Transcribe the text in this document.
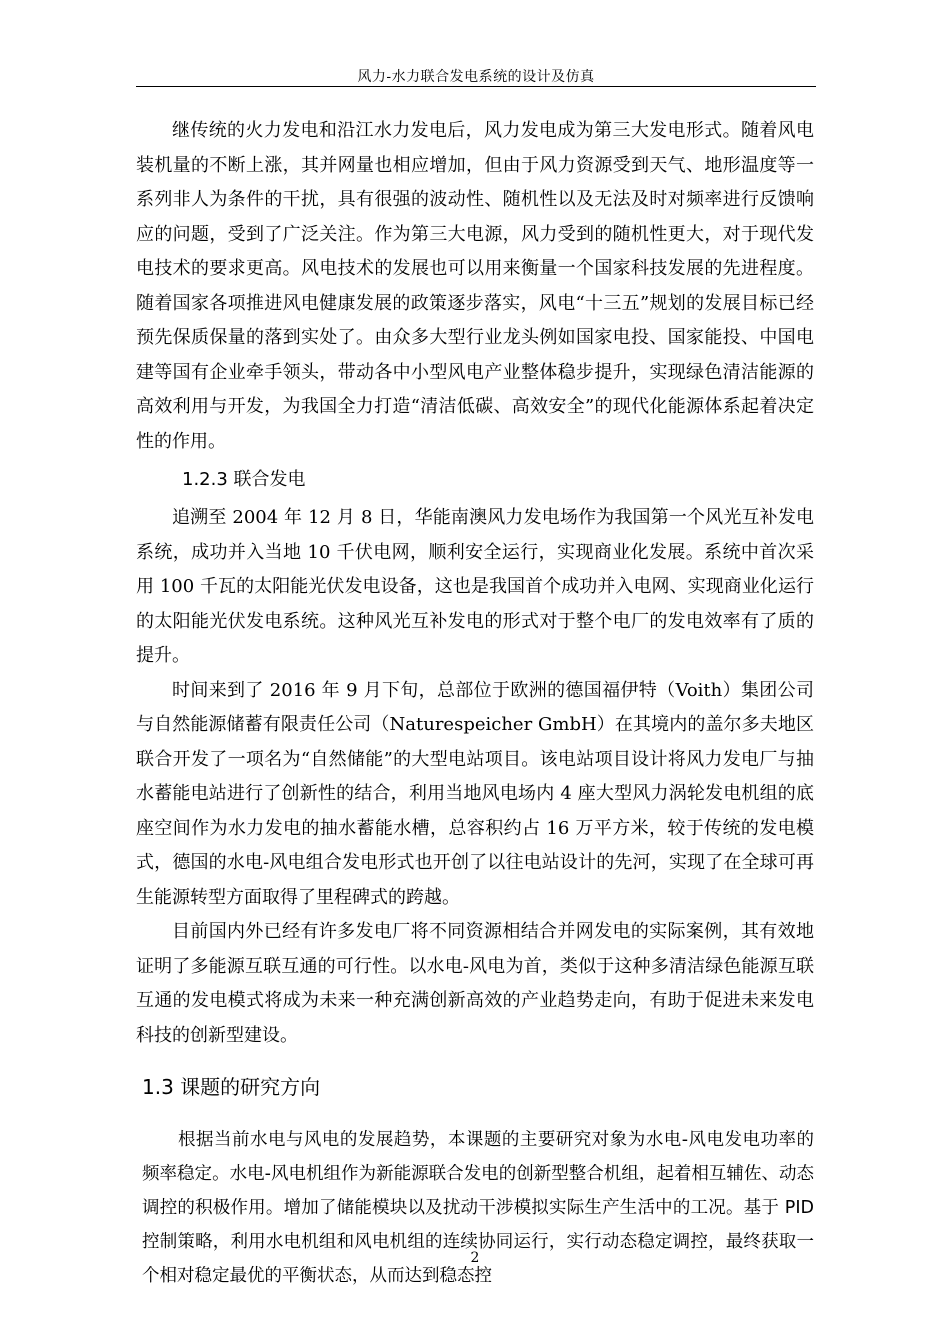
风力-水力联合发电系统的设计及仿真

继传统的火力发电和沿江水力发电后，风力发电成为第三大发电形式。随着风电装机量的不断上涨，其并网量也相应增加，但由于风力资源受到天气、地形温度等一系列非人为条件的干扰，具有很强的波动性、随机性以及无法及时对频率进行反馈响应的问题，受到了广泛关注。作为第三大电源，风力受到的随机性更大，对于现代发电技术的要求更高。风电技术的发展也可以用来衡量一个国家科技发展的先进程度。随着国家各项推进风电健康发展的政策逐步落实，风电“十三五”规划的发展目标已经预先保质保量的落到实处了。由众多大型行业龙头例如国家电投、国家能投、中国电建等国有企业牵手领头，带动各中小型风电产业整体稳步提升，实现绿色清洁能源的高效利用与开发，为我国全力打造“清洁低碳、高效安全”的现代化能源体系起着决定性的作用。

1.2.3 联合发电

追溯至 2004 年 12 月 8 日，华能南澳风力发电场作为我国第一个风光互补发电系统，成功并入当地 10 千伏电网，顺利安全运行，实现商业化发展。系统中首次采用 100 千瓦的太阳能光伏发电设备，这也是我国首个成功并入电网、实现商业化运行的太阳能光伏发电系统。这种风光互补发电的形式对于整个电厂的发电效率有了质的提升。

时间来到了 2016 年 9 月下旬，总部位于欧洲的德国福伊特（Voith）集团公司与自然能源储蓄有限责任公司（Naturespeicher GmbH）在其境内的盖尔多夫地区联合开发了一项名为“自然储能”的大型电站项目。该电站项目设计将风力发电厂与抽水蓄能电站进行了创新性的结合，利用当地风电场内 4 座大型风力涡轮发电机组的底座空间作为水力发电的抽水蓄能水槽，总容积约占 16 万平方米，较于传统的发电模式，德国的水电-风电组合发电形式也开创了以往电站设计的先河，实现了在全球可再生能源转型方面取得了里程碑式的跨越。

目前国内外已经有许多发电厂将不同资源相结合并网发电的实际案例，其有效地证明了多能源互联互通的可行性。以水电-风电为首，类似于这种多清洁绿色能源互联互通的发电模式将成为未来一种充满创新高效的产业趋势走向，有助于促进未来发电科技的创新型建设。

1.3 课题的研究方向

根据当前水电与风电的发展趋势，本课题的主要研究对象为水电-风电发电功率的频率稳定。水电-风电机组作为新能源联合发电的创新型整合机组，起着相互辅佐、动态调控的积极作用。增加了储能模块以及扰动干涉模拟实际生产生活中的工况。基于 PID 控制策略，利用水电机组和风电机组的连续协同运行，实行动态稳定调控，最终获取一个相对稳定最优的平衡状态，从而达到稳态控

2
